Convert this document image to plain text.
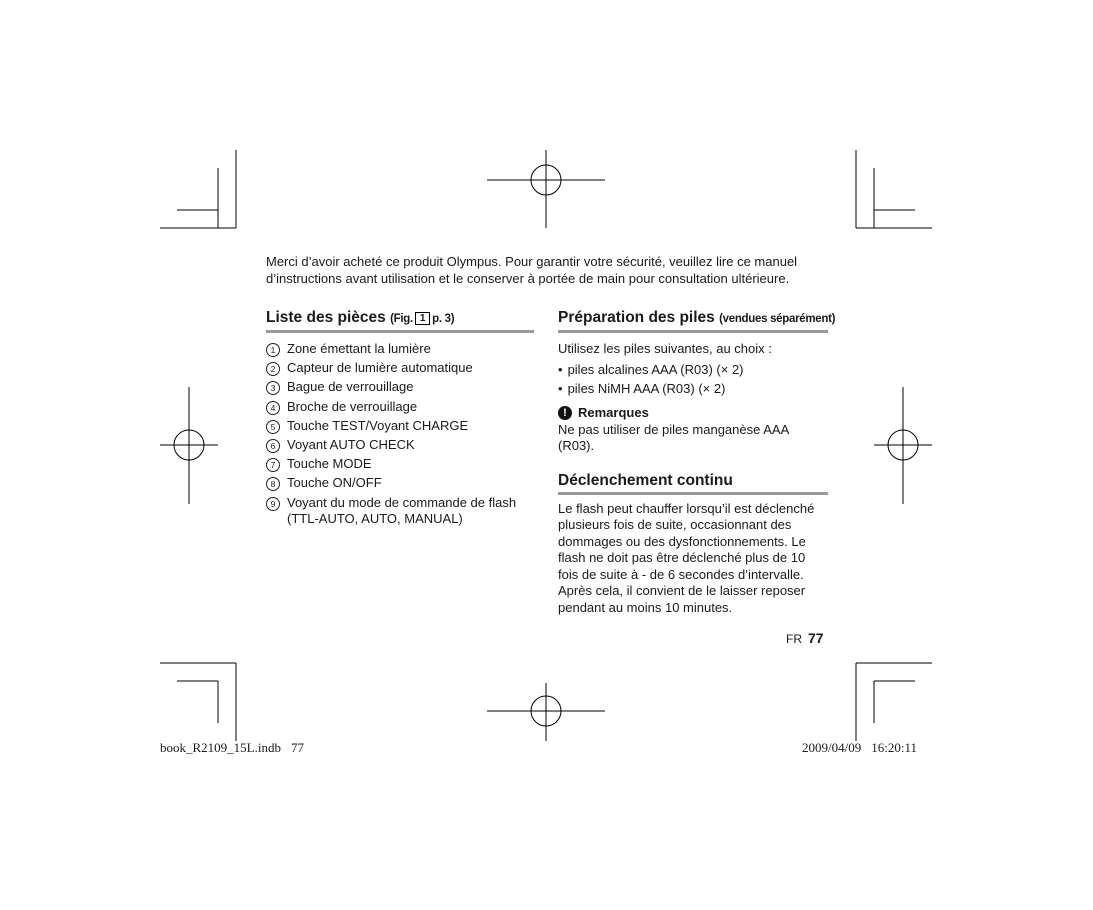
Merci d’avoir acheté ce produit Olympus. Pour garantir votre sécurité, veuillez lire ce manuel d’instructions avant utilisation et le conserver à portée de main pour consultation ultérieure.

Liste des pièces (Fig. 1 p. 3)
1 Zone émettant la lumière
2 Capteur de lumière automatique
3 Bague de verrouillage
4 Broche de verrouillage
5 Touche TEST/Voyant CHARGE
6 Voyant AUTO CHECK
7 Touche MODE
8 Touche ON/OFF
9 Voyant du mode de commande de flash (TTL-AUTO, AUTO, MANUAL)
Préparation des piles (vendues séparément)

Utilisez les piles suivantes, au choix :

• piles alcalines AAA (R03) (× 2)
• piles NiMH AAA (R03) (× 2)
! Remarques

Ne pas utiliser de piles manganèse AAA (R03).

Déclenchement continu

Le flash peut chauffer lorsqu’il est déclenché plusieurs fois de suite, occasionnant des dommages ou des dysfonctionnements. Le flash ne doit pas être déclenché plus de 10 fois de suite à - de 6 secondes d’intervalle. Après cela, il convient de le laisser reposer pendant au moins 10 minutes.

FR 77
book_R2109_15L.indb 77	2009/04/09 16:20:11
